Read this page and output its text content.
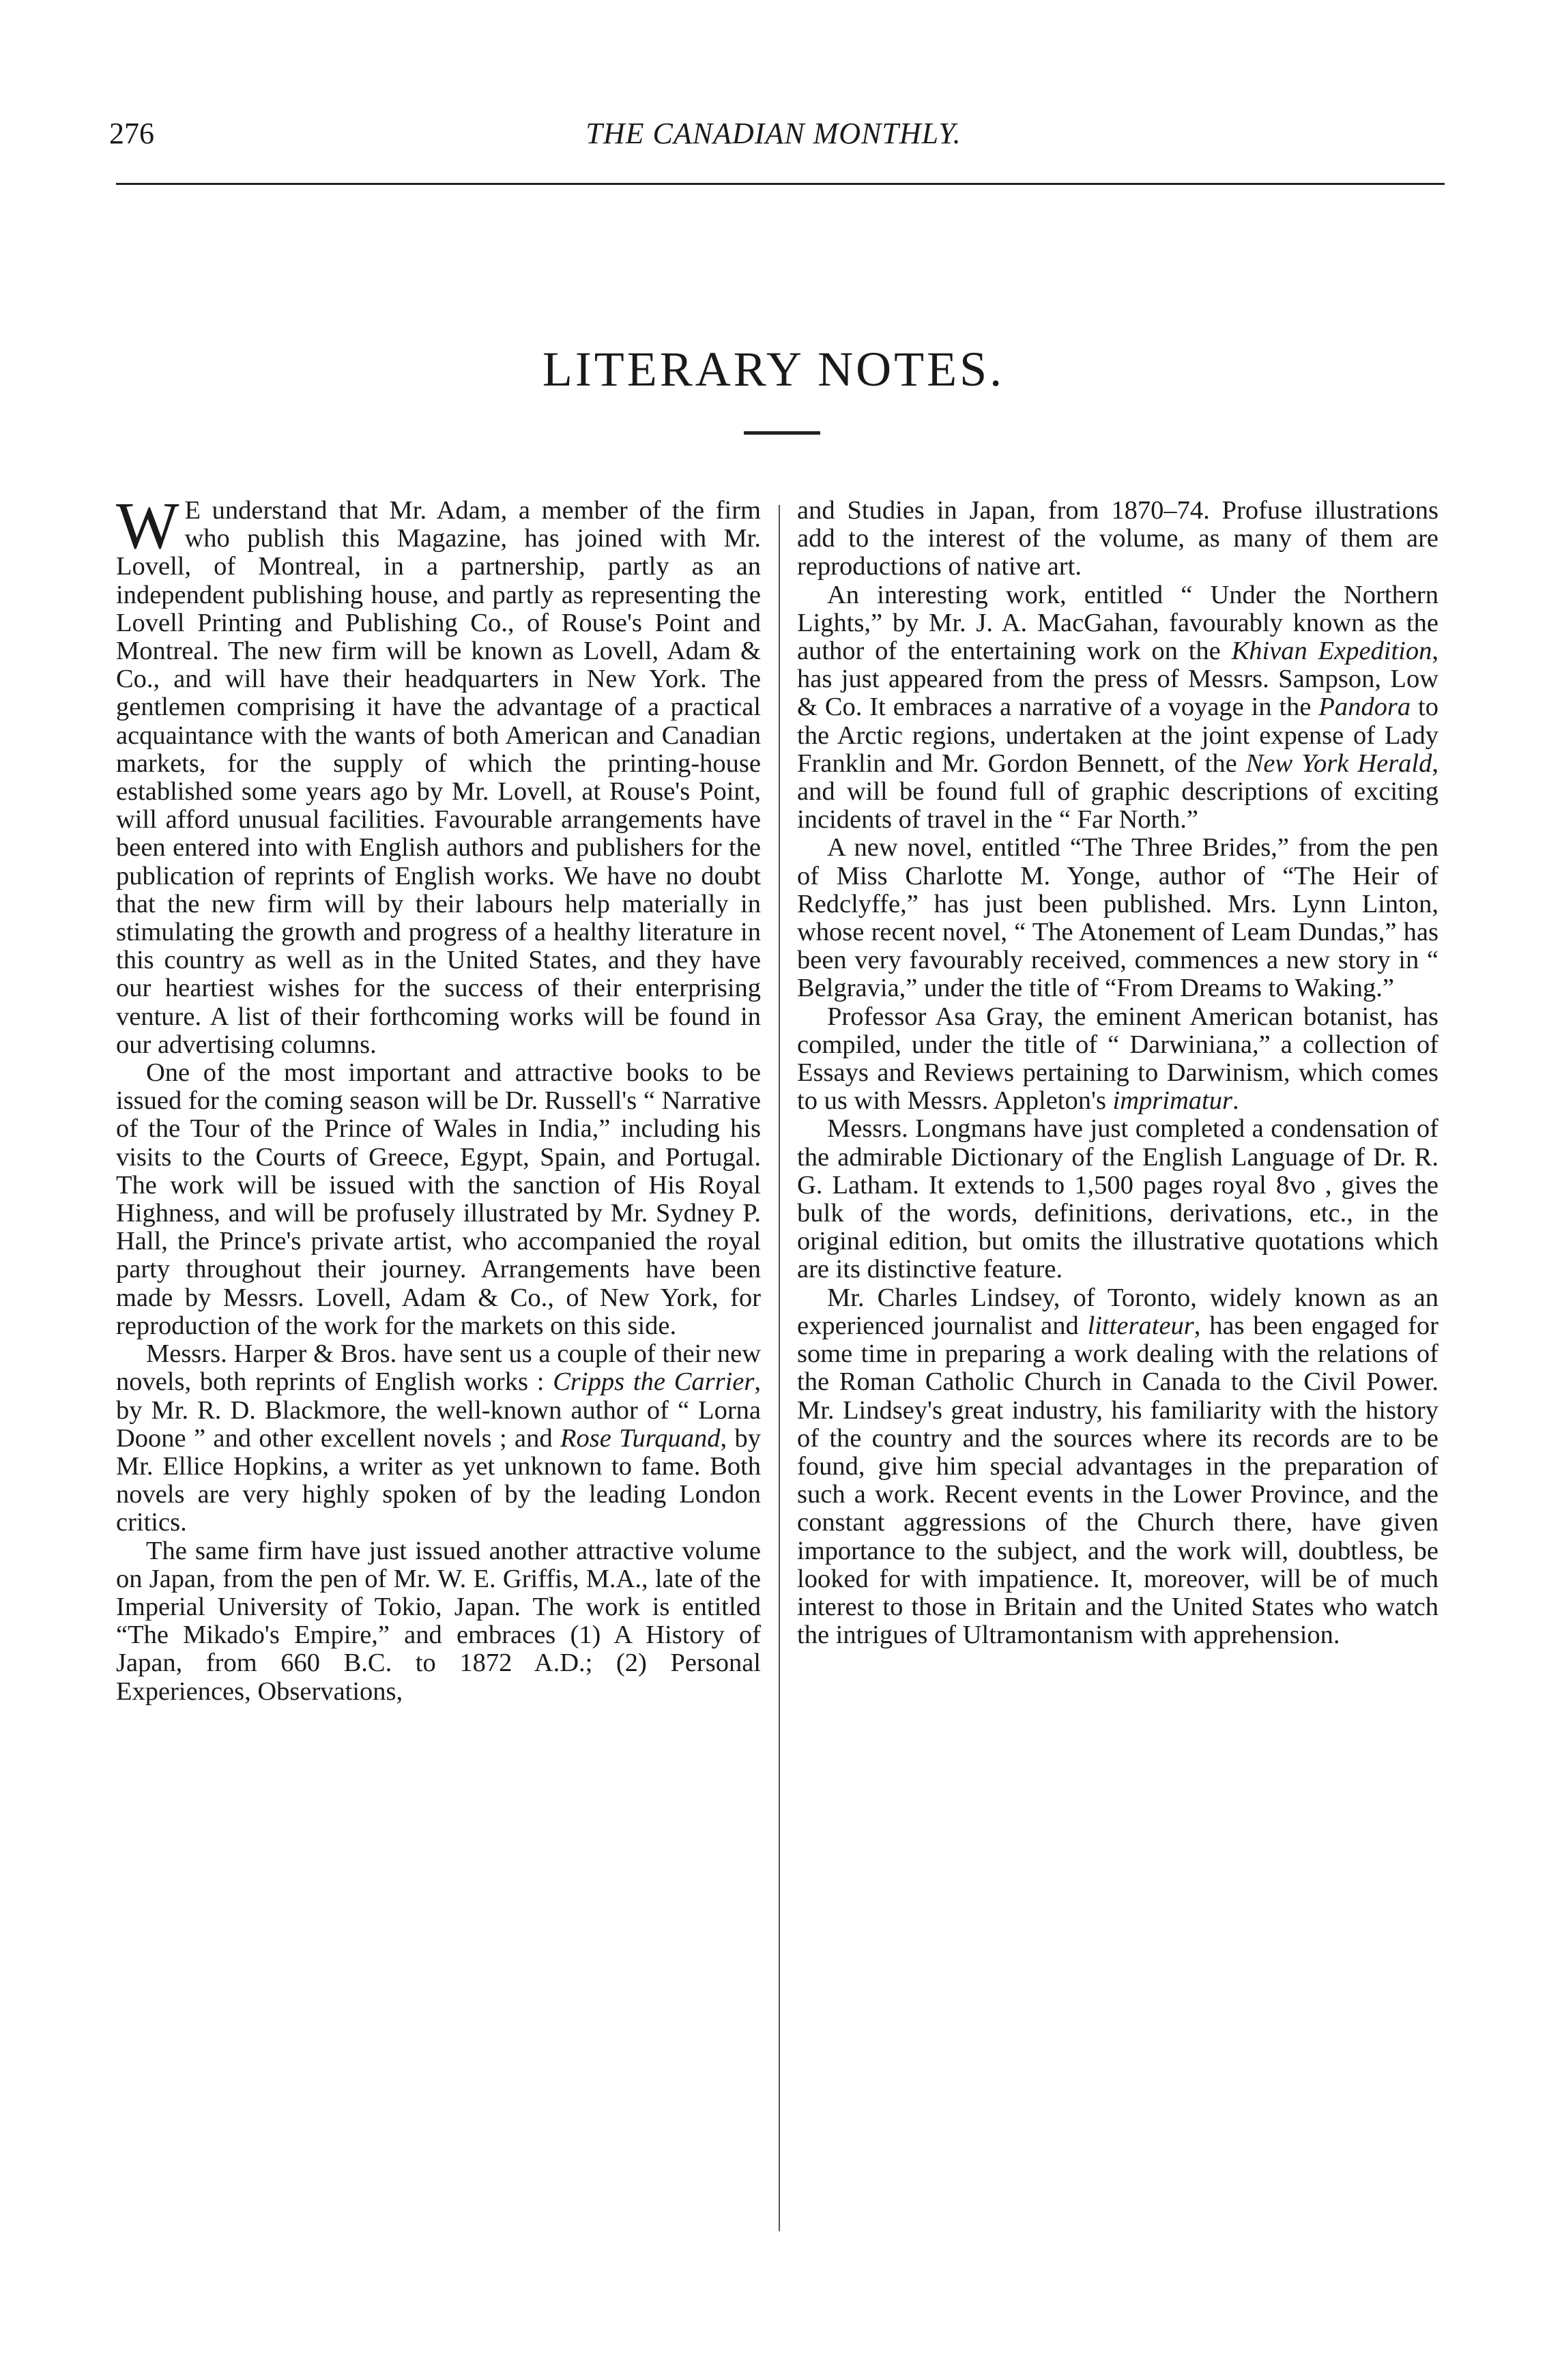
276	THE CANADIAN MONTHLY.
LITERARY NOTES.

W E understand that Mr. Adam, a member of the firm who publish this Magazine, has joined with Mr. Lovell, of Montreal, in a partnership, partly as an independent publishing house, and partly as representing the Lovell Printing and Publishing Co., of Rouse's Point and Montreal. The new firm will be known as Lovell, Adam & Co., and will have their headquarters in New York. The gentlemen comprising it have the advantage of a practical acquaintance with the wants of both American and Canadian markets, for the supply of which the printing-house established some years ago by Mr. Lovell, at Rouse's Point, will afford unusual facilities. Favourable arrangements have been entered into with English authors and publishers for the publication of reprints of English works. We have no doubt that the new firm will by their labours help materially in stimulating the growth and progress of a healthy literature in this country as well as in the United States, and they have our heartiest wishes for the success of their enterprising venture. A list of their forthcoming works will be found in our advertising columns.

One of the most important and attractive books to be issued for the coming season will be Dr. Russell's “ Narrative of the Tour of the Prince of Wales in India,” including his visits to the Courts of Greece, Egypt, Spain, and Portugal. The work will be issued with the sanction of His Royal Highness, and will be profusely illustrated by Mr. Sydney P. Hall, the Prince's private artist, who accompanied the royal party throughout their journey. Arrangements have been made by Messrs. Lovell, Adam & Co., of New York, for reproduction of the work for the markets on this side.

Messrs. Harper & Bros. have sent us a couple of their new novels, both reprints of English works : Cripps the Carrier, by Mr. R. D. Blackmore, the well-known author of “ Lorna Doone ” and other excellent novels ; and Rose Turquand, by Mr. Ellice Hopkins, a writer as yet unknown to fame. Both novels are very highly spoken of by the leading London critics.

The same firm have just issued another attractive volume on Japan, from the pen of Mr. W. E. Griffis, M.A., late of the Imperial University of Tokio, Japan. The work is entitled “The Mikado's Empire,” and embraces (1) A History of Japan, from 660 B.C. to 1872 A.D.; (2) Personal Experiences, Observations,

and Studies in Japan, from 1870–74. Profuse illustrations add to the interest of the volume, as many of them are reproductions of native art.

An interesting work, entitled “ Under the Northern Lights,” by Mr. J. A. MacGahan, favourably known as the author of the entertaining work on the Khivan Expedition, has just appeared from the press of Messrs. Sampson, Low & Co. It embraces a narrative of a voyage in the Pandora to the Arctic regions, undertaken at the joint expense of Lady Franklin and Mr. Gordon Bennett, of the New York Herald, and will be found full of graphic descriptions of exciting incidents of travel in the “ Far North.”

A new novel, entitled “The Three Brides,” from the pen of Miss Charlotte M. Yonge, author of “The Heir of Redclyffe,” has just been published. Mrs. Lynn Linton, whose recent novel, “ The Atonement of Leam Dundas,” has been very favourably received, commences a new story in “ Belgravia,” under the title of “From Dreams to Waking.”

Professor Asa Gray, the eminent American botanist, has compiled, under the title of “ Darwiniana,” a collection of Essays and Reviews pertaining to Darwinism, which comes to us with Messrs. Appleton's imprimatur.

Messrs. Longmans have just completed a condensation of the admirable Dictionary of the English Language of Dr. R. G. Latham. It extends to 1,500 pages royal 8vo , gives the bulk of the words, definitions, derivations, etc., in the original edition, but omits the illustrative quotations which are its distinctive feature.

Mr. Charles Lindsey, of Toronto, widely known as an experienced journalist and litterateur, has been engaged for some time in preparing a work dealing with the relations of the Roman Catholic Church in Canada to the Civil Power. Mr. Lindsey's great industry, his familiarity with the history of the country and the sources where its records are to be found, give him special advantages in the preparation of such a work. Recent events in the Lower Province, and the constant aggressions of the Church there, have given importance to the subject, and the work will, doubtless, be looked for with impatience. It, moreover, will be of much interest to those in Britain and the United States who watch the intrigues of Ultramontanism with apprehension.
